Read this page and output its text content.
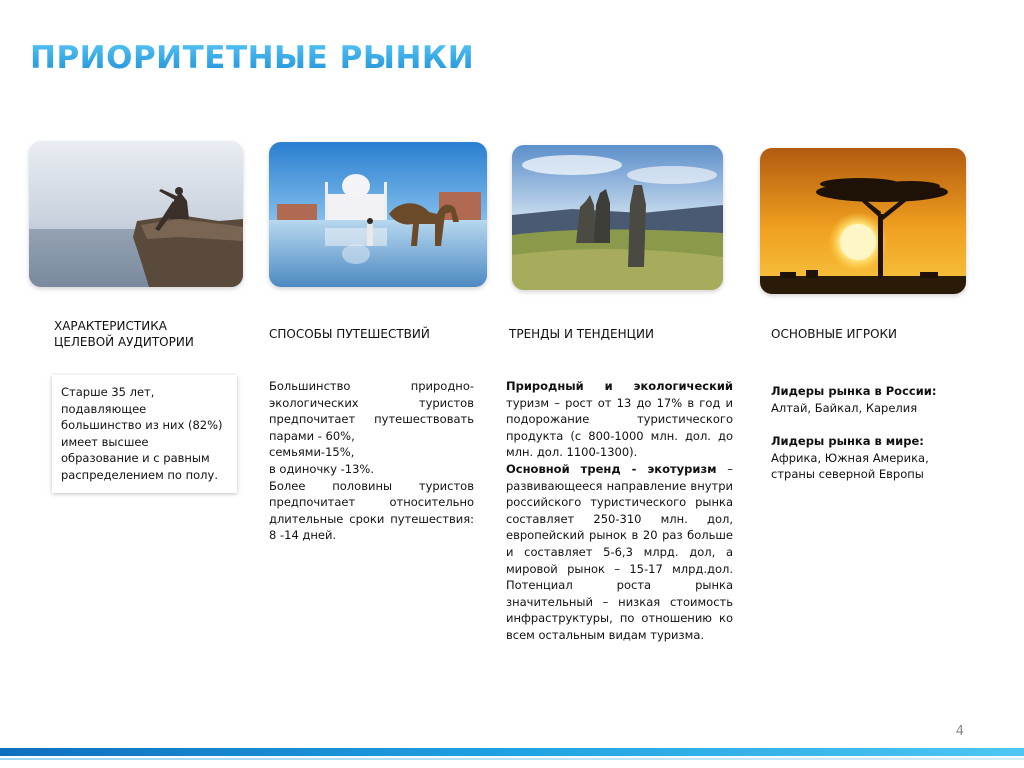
ПРИОРИТЕТНЫЕ РЫНКИ
ХАРАКТЕРИСТИКА
ЦЕЛЕВОЙ АУДИТОРИИ
Старше 35 лет,
подавляющее
большинство из них (82%)
имеет высшее
образование и с равным
распределением по полу.
СПОСОБЫ ПУТЕШЕСТВИЙ
Большинство природно-экологических туристов предпочитает путешествовать парами - 60%,
семьями-15%,
в одиночку -13%.
Более половины туристов предпочитает относительно длительные сроки путешествия: 8 -14 дней.
ТРЕНДЫ И ТЕНДЕНЦИИ
Природный и экологический туризм – рост от 13 до 17% в год и подорожание туристического продукта (с 800-1000 млн. дол. до млн. дол. 1100-1300).
Основной тренд - экотуризм – развивающееся направление внутри российского туристического рынка составляет 250-310 млн. дол, европейский рынок в 20 раз больше и составляет 5-6,3 млрд. дол, а мировой рынок – 15-17 млрд.дол. Потенциал роста рынка значительный – низкая стоимость инфраструктуры, по отношению ко всем остальным видам туризма.
ОСНОВНЫЕ ИГРОКИ
Лидеры рынка в России:
Алтай, Байкал, Карелия
Лидеры рынка в мире:
Африка, Южная Америка, страны северной Европы
4
